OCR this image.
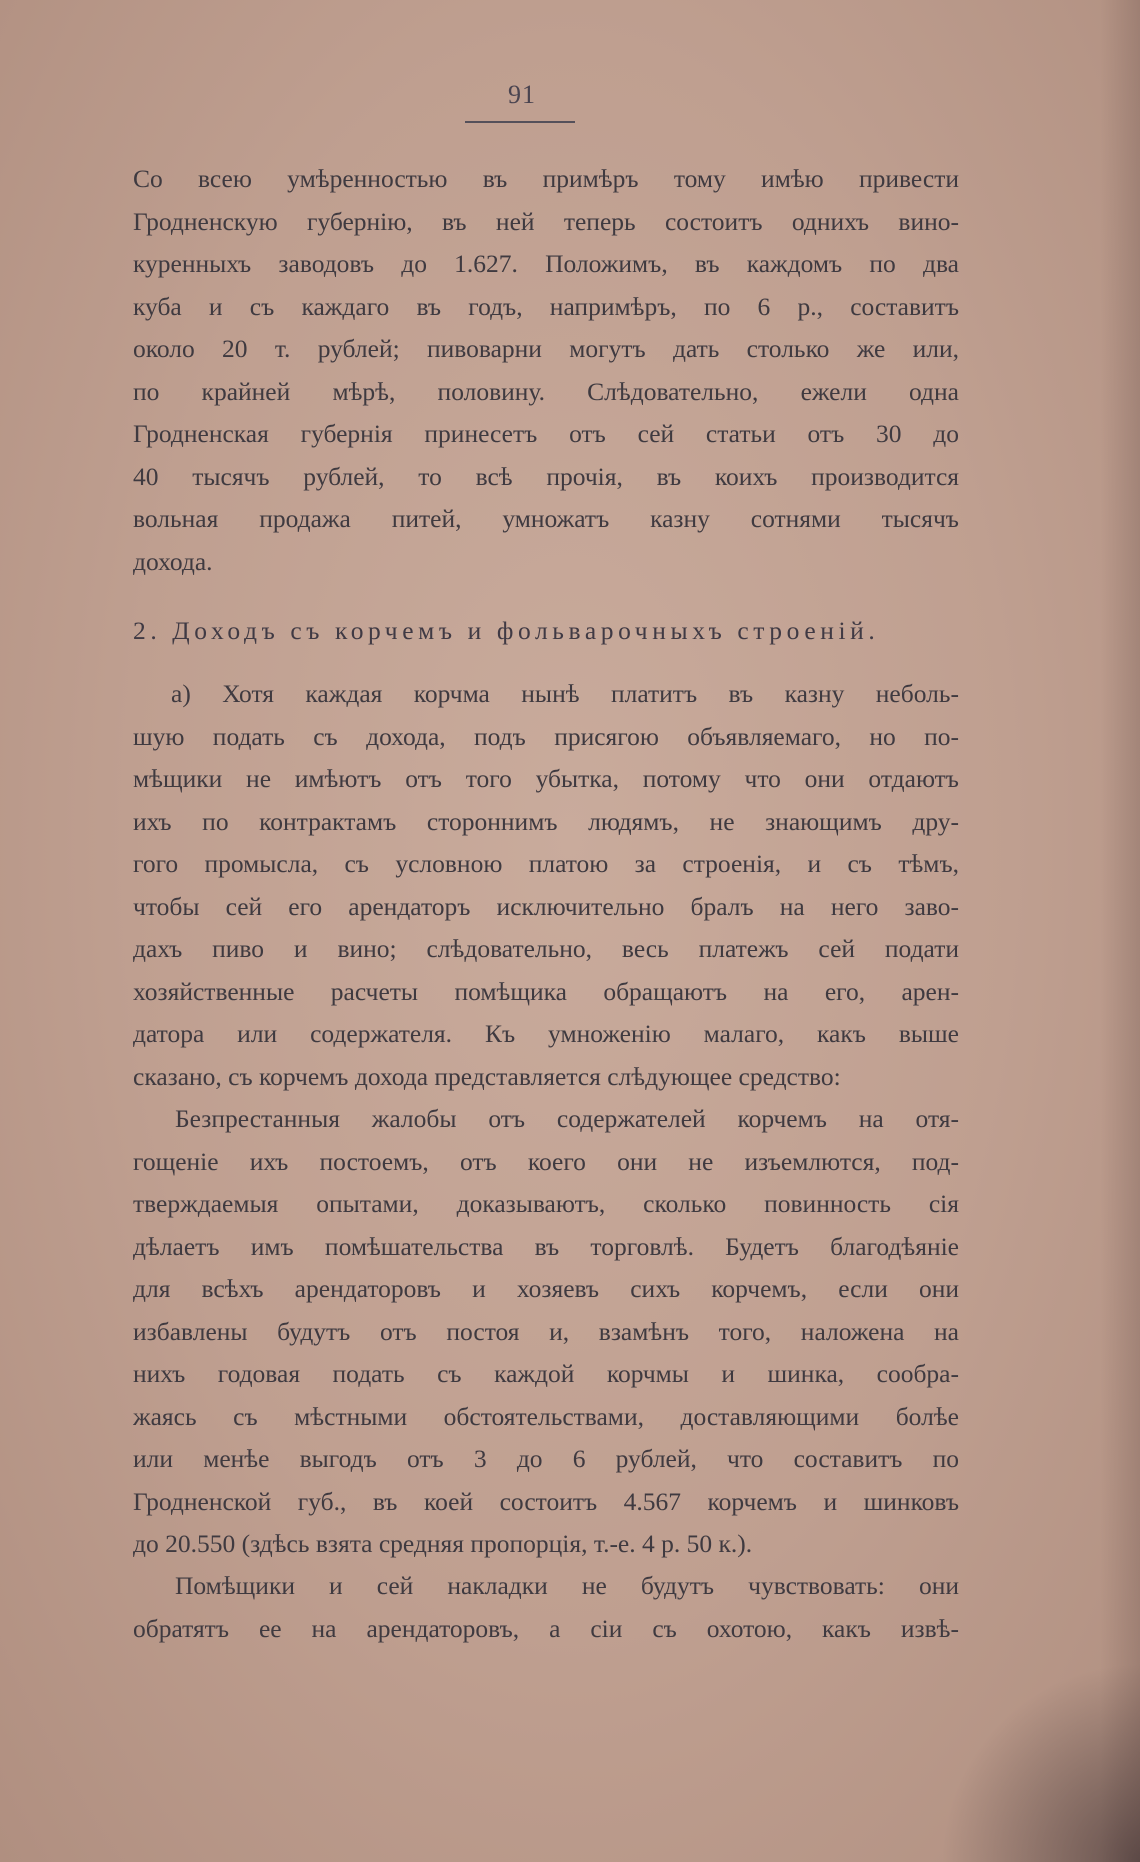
91
Со всею умѣренностью въ примѣръ тому имѣю привести
Гродненскую губернію, въ ней теперь состоитъ однихъ вино-
куренныхъ заводовъ до 1.627. Положимъ, въ каждомъ по два
куба и съ каждаго въ годъ, напримѣръ, по 6 р., составитъ
около 20 т. рублей; пивоварни могутъ дать столько же или,
по крайней мѣрѣ, половину. Слѣдовательно, ежели одна
Гродненская губернія принесетъ отъ сей статьи отъ 30 до
40 тысячъ рублей, то всѣ прочія, въ коихъ производится
вольная продажа питей, умножатъ казну сотнями тысячъ
дохода.
2. Доходъ съ корчемъ и фольварочныхъ строеній.
а) Хотя каждая корчма нынѣ платитъ въ казну неболь-
шую подать съ дохода, подъ присягою объявляемаго, но по-
мѣщики не имѣютъ отъ того убытка, потому что они отдаютъ
ихъ по контрактамъ стороннимъ людямъ, не знающимъ дру-
гого промысла, съ условною платою за строенія, и съ тѣмъ,
чтобы сей его арендаторъ исключительно бралъ на него заво-
дахъ пиво и вино; слѣдовательно, весь платежъ сей подати
хозяйственные расчеты помѣщика обращаютъ на его, арен-
датора или содержателя. Къ умноженію малаго, какъ выше
сказано, съ корчемъ дохода представляется слѣдующее средство:
Безпрестанныя жалобы отъ содержателей корчемъ на отя-
гощеніе ихъ постоемъ, отъ коего они не изъемлются, под-
тверждаемыя опытами, доказываютъ, сколько повинность сія
дѣлаетъ имъ помѣшательства въ торговлѣ. Будетъ благодѣяніе
для всѣхъ арендаторовъ и хозяевъ сихъ корчемъ, если они
избавлены будутъ отъ постоя и, взамѣнъ того, наложена на
нихъ годовая подать съ каждой корчмы и шинка, сообра-
жаясь съ мѣстными обстоятельствами, доставляющими болѣе
или менѣе выгодъ отъ 3 до 6 рублей, что составитъ по
Гродненской губ., въ коей состоитъ 4.567 корчемъ и шинковъ
до 20.550 (здѣсь взята средняя пропорція, т.-е. 4 р. 50 к.).
Помѣщики и сей накладки не будутъ чувствовать: они
обратятъ ее на арендаторовъ, а сіи съ охотою, какъ извѣ-
